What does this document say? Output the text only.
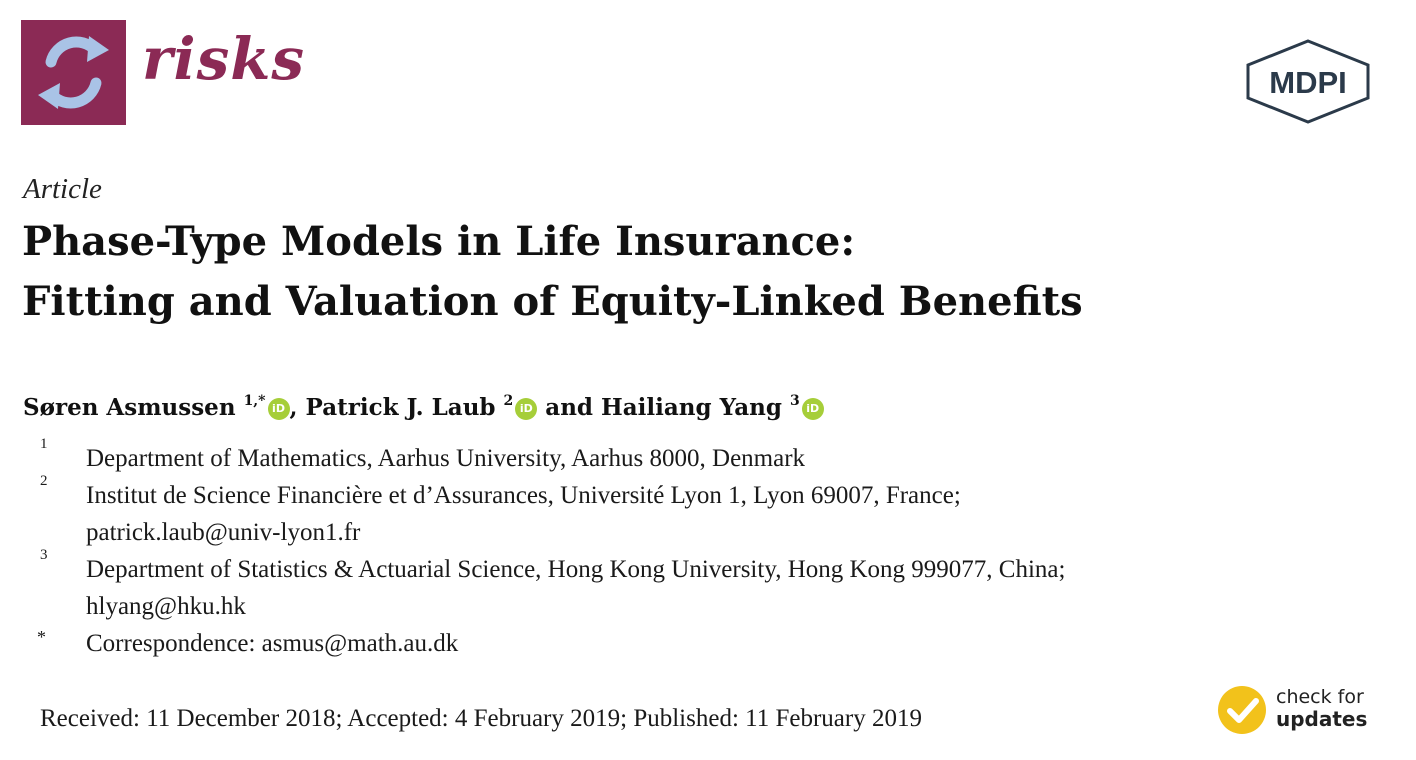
risks	MDPI
Article
Phase-Type Models in Life Insurance:
Fitting and Valuation of Equity-Linked Benefits
Søren Asmussen $^{1,*}$ iD , Patrick J. Laub $^2$ iD and Hailiang Yang $^3$ iD
1
Department of Mathematics, Aarhus University, Aarhus 8000, Denmark
2
Institut de Science Financière et d’Assurances, Université Lyon 1, Lyon 69007, France;
patrick.laub@univ-lyon1.fr
3
Department of Statistics & Actuarial Science, Hong Kong University, Hong Kong 999077, China;
hlyang@hku.hk
* Correspondence: asmus@math.au.dk
Received: 11 December 2018; Accepted: 4 February 2019; Published: 11 February 2019
check for
updates
